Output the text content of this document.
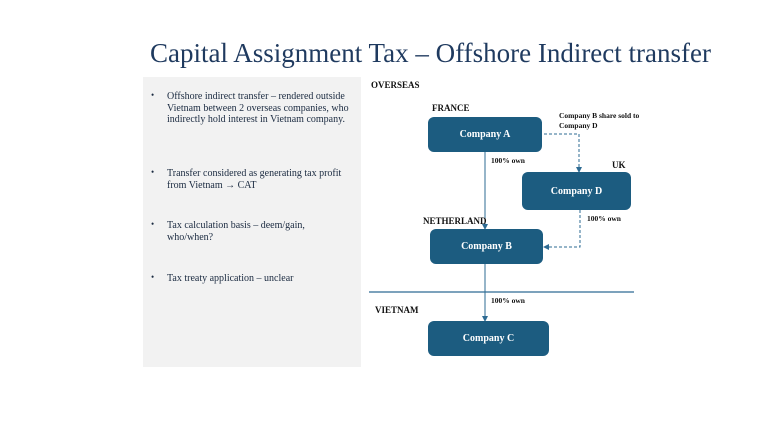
Capital Assignment Tax – Offshore Indirect transfer
• Offshore indirect transfer – rendered outside Vietnam between 2 overseas companies, who indirectly hold interest in Vietnam company.
• Transfer considered as generating tax profit from Vietnam → CAT
• Tax calculation basis – deem/gain, who/when?
• Tax treaty application – unclear
OVERSEAS
FRANCE
UK
NETHERLAND
VIETNAM
Company B share sold to
Company D
100% own
100% own
100% own
Company A
Company D
Company B
Company C
